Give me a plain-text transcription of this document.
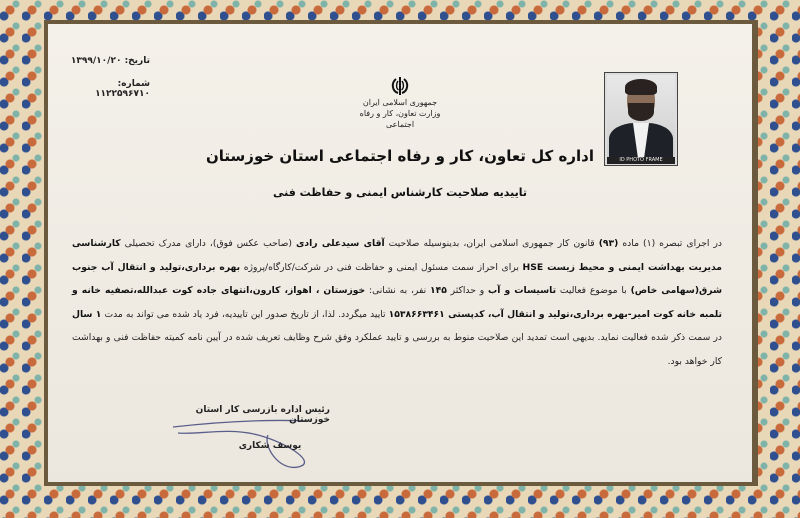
تاریخ: ۱۳۹۹/۱۰/۲۰
شماره: ۱۱۲۲۵۹۶۷۱۰
جمهوری اسلامی ایران
وزارت تعاون، کار و رفاه اجتماعی
ID PHOTO FRAME
اداره کل تعاون، کار و رفاه اجتماعی استان خوزستان
تاییدیه صلاحیت کارشناس ایمنی و حفاظت فنی
در اجرای تبصره (۱) ماده (۹۳) قانون کار جمهوری اسلامی ایران، بدینوسیله صلاحیت آقای سیدعلی رادی (صاحب عکس فوق)، دارای مدرک تحصیلی کارشناسی مدیریت بهداشت ایمنی و محیط زیست HSE برای احراز سمت مسئول ایمنی و حفاظت فنی در شرکت/کارگاه/پروژه بهره برداری،تولید و انتقال آب جنوب شرق(سهامی خاص) با موضوع فعالیت تاسیسات و آب و حداکثر ۱۴۵ نفر، به نشانی: خوزستان ، اهواز، کارون،انتهای جاده کوت عبدالله،تصفیه خانه و تلمبه خانه کوت امیر-بهره برداری،تولید و انتقال آب، کدپستی ۱۵۳۸۶۶۳۴۶۱ تایید میگردد. لذا، از تاریخ صدور این تاییدیه، فرد یاد شده می تواند به مدت ۱ سال در سمت ذکر شده فعالیت نماید. بدیهی است تمدید این صلاحیت منوط به بررسی و تایید عملکرد وفق شرح وظایف تعریف شده در آیین نامه کمیته حفاظت فنی و بهداشت کار خواهد بود.
رئیس اداره بازرسی کار استان خوزستان
یوسف شکاری
